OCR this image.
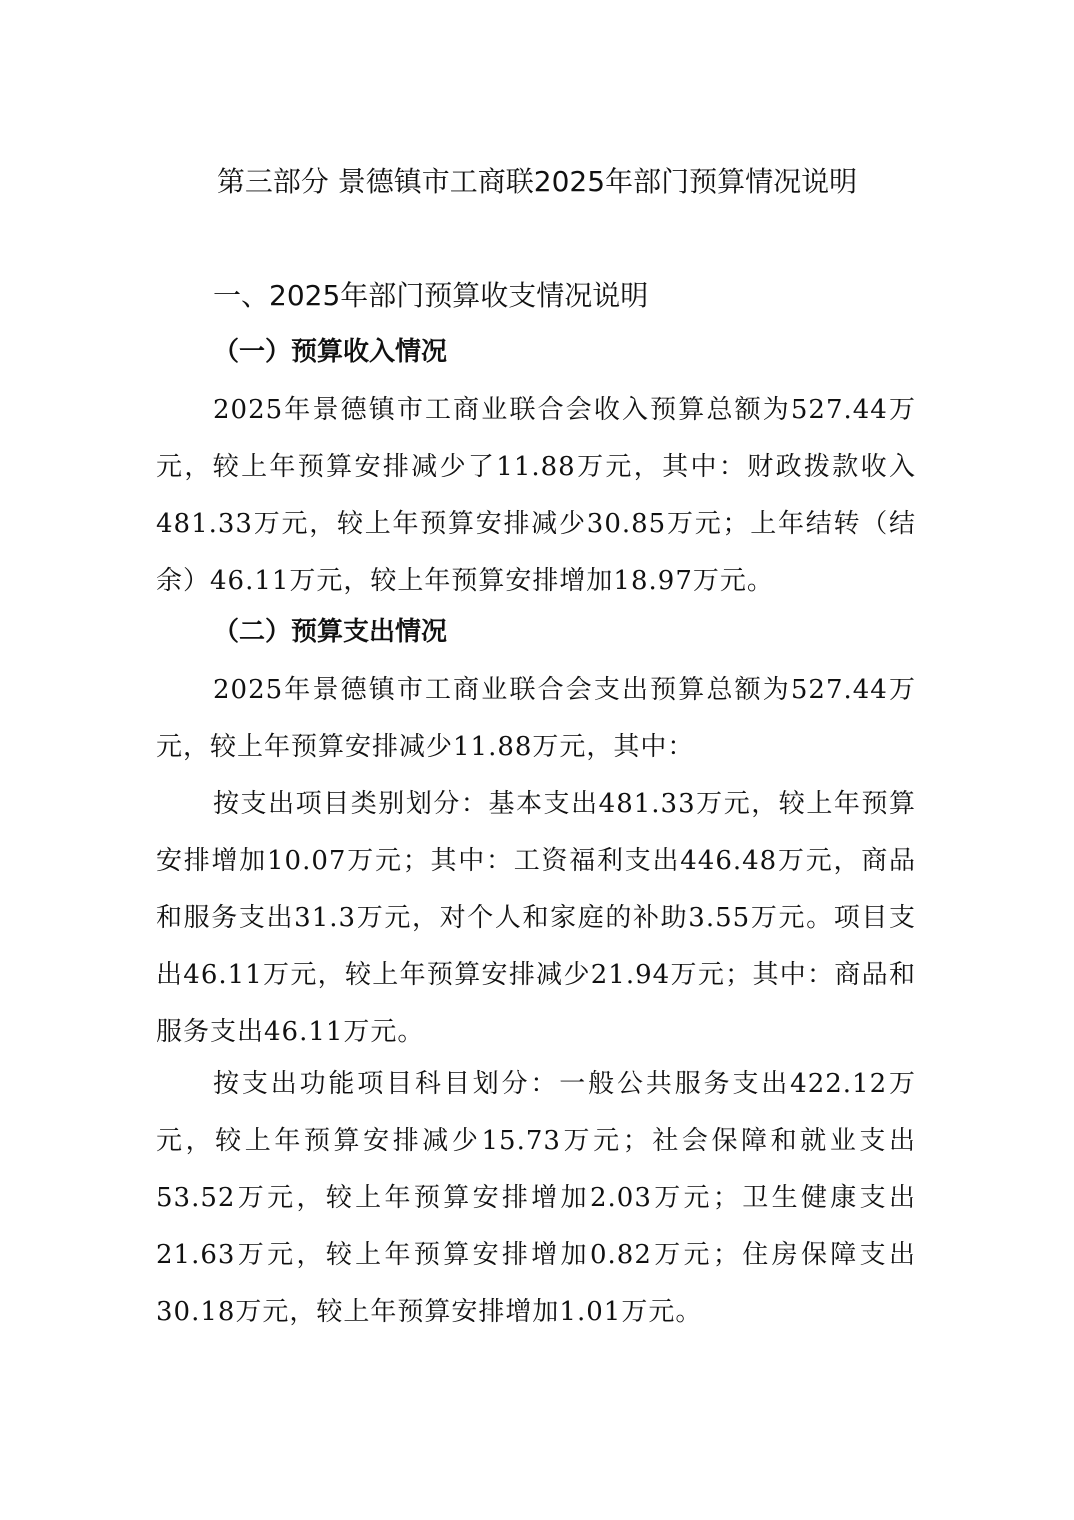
第三部分 景德镇市工商联2025年部门预算情况说明
一、2025年部门预算收支情况说明
（一）预算收入情况

2025年景德镇市工商业联合会收入预算总额为527.44万元，较上年预算安排减少了11.88万元，其中：财政拨款收入481.33万元，较上年预算安排减少30.85万元；上年结转（结余）46.11万元，较上年预算安排增加18.97万元。

（二）预算支出情况

2025年景德镇市工商业联合会支出预算总额为527.44万元，较上年预算安排减少11.88万元，其中：

按支出项目类别划分：基本支出481.33万元，较上年预算安排增加10.07万元；其中：工资福利支出446.48万元，商品和服务支出31.3万元，对个人和家庭的补助3.55万元。项目支出46.11万元，较上年预算安排减少21.94万元；其中：商品和服务支出46.11万元。

按支出功能项目科目划分：一般公共服务支出422.12万元，较上年预算安排减少15.73万元；社会保障和就业支出53.52万元，较上年预算安排增加2.03万元；卫生健康支出21.63万元，较上年预算安排增加0.82万元；住房保障支出30.18万元，较上年预算安排增加1.01万元。
